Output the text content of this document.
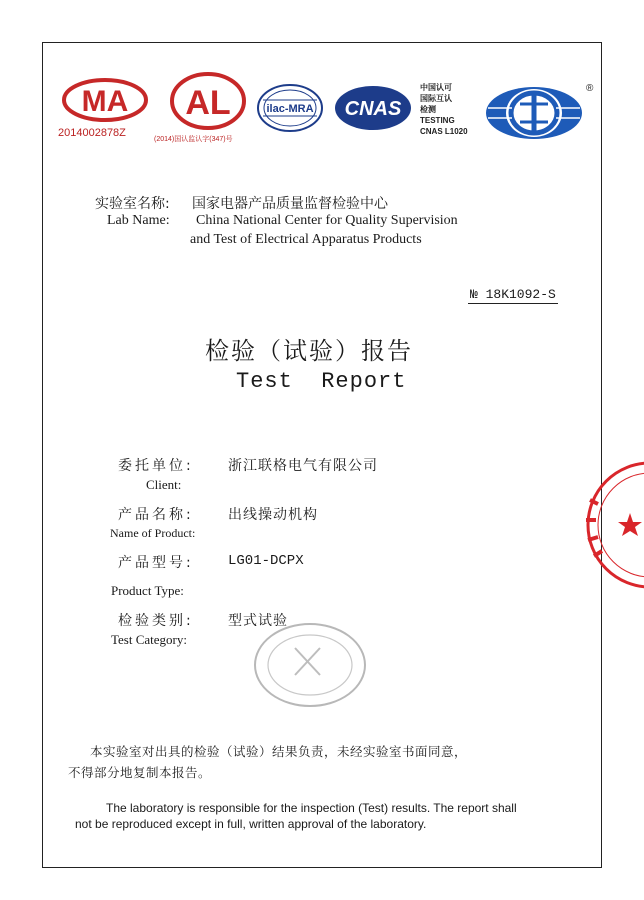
MA
2014002878Z
AL
(2014)国认监认字(347)号
ilac-MRA CNAS
中国认可
国际互认
检测
TESTING
CNAS L1020
®
实验室名称: 国家电器产品质量监督检验中心
Lab Name: China National Center for Quality Supervision
and Test of Electrical Apparatus Products
№ 18K1092-S
检验（试验）报告
Test  Report
委托单位: 浙江联格电气有限公司
Client:
产品名称: 出线操动机构
Name of Product:
产品型号: LG01-DCPX
Product Type:
检验类别: 型式试验
Test Category:
本实验室对出具的检验（试验）结果负责，未经实验室书面同意，
不得部分地复制本报告。
The laboratory is responsible for the inspection (Test) results. The report shall
not be reproduced except in full, written approval of the laboratory.
